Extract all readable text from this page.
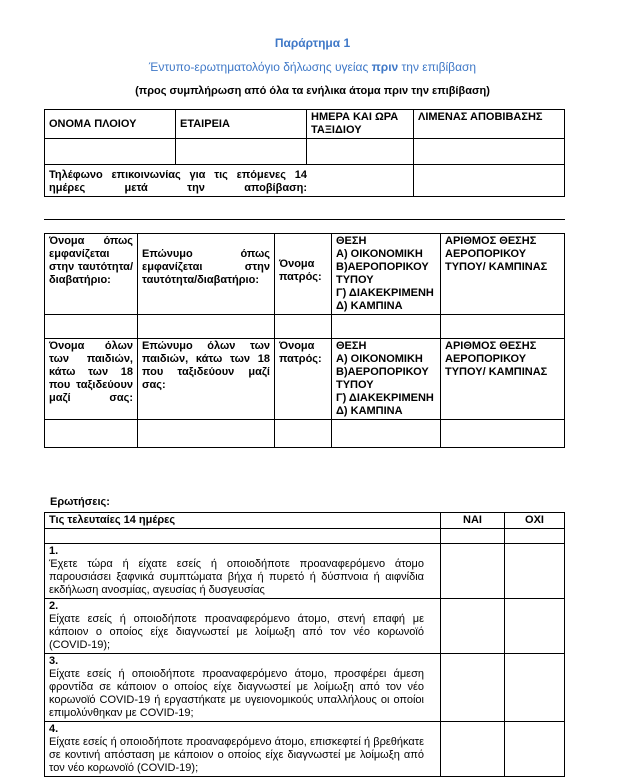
Παράρτημα 1
Έντυπο-ερωτηματολόγιο δήλωσης υγείας πριν την επιβίβαση
(προς συμπλήρωση από όλα τα ενήλικα άτομα πριν την επιβίβαση)
ΟΝΟΜΑ ΠΛΟΙΟΥ	ΕΤΑΙΡΕΙΑ	ΗΜΕΡΑ ΚΑΙ ΩΡΑ ΤΑΞΙΔΙΟΥ	ΛΙΜΕΝΑΣ ΑΠΟΒΙΒΑΣΗΣ

Τηλέφωνο επικοινωνίας για τις επόμενες 14 ημέρες μετά την αποβίβαση:			

Όνομα όπως εμφανίζεται στην ταυτότητα/ διαβατήριο:	Επώνυμο όπως εμφανίζεται στην ταυτότητα/διαβατήριο:	Όνομα πατρός:	ΘΕΣΗ
Α) ΟΙΚΟΝΟΜΙΚΗ
Β)ΑΕΡΟΠΟΡΙΚΟΥ ΤΥΠΟΥ
Γ) ΔΙΑΚΕΚΡΙΜΕΝΗ
Δ) ΚΑΜΠΙΝΑ	ΑΡΙΘΜΟΣ ΘΕΣΗΣ ΑΕΡΟΠΟΡΙΚΟΥ ΤΥΠΟΥ/ ΚΑΜΠΙΝΑΣ

Όνομα όλων των παιδιών, κάτω των 18 που ταξιδεύουν μαζί σας:	Επώνυμο όλων των παιδιών, κάτω των 18 που ταξιδεύουν μαζί σας:	Όνομα πατρός:	ΘΕΣΗ
Α) ΟΙΚΟΝΟΜΙΚΗ
Β)ΑΕΡΟΠΟΡΙΚΟΥ ΤΥΠΟΥ
Γ) ΔΙΑΚΕΚΡΙΜΕΝΗ
Δ) ΚΑΜΠΙΝΑ	ΑΡΙΘΜΟΣ ΘΕΣΗΣ ΑΕΡΟΠΟΡΙΚΟΥ ΤΥΠΟΥ/ ΚΑΜΠΙΝΑΣ

Ερωτήσεις:
Τις τελευταίες 14 ημέρες	ΝΑΙ	ΟΧΙ

1.Έχετε τώρα ή είχατε εσείς ή οποιοδήποτε προαναφερόμενο άτομο παρουσιάσει ξαφνικά συμπτώματα βήχα ή πυρετό ή δύσπνοια ή αιφνίδια εκδήλωση ανοσμίας, αγευσίας ή δυσγευσίας		
2.Είχατε εσείς ή οποιοδήποτε προαναφερόμενο άτομο, στενή επαφή με κάποιον ο οποίος είχε διαγνωστεί με λοίμωξη από τον νέο κορωνοϊό (COVID-19);		
3.Είχατε εσείς ή οποιοδήποτε προαναφερόμενο άτομο, προσφέρει άμεση φροντίδα σε κάποιον ο οποίος είχε διαγνωστεί με λοίμωξη από τον νέο κορωνοϊό COVID-19 ή εργαστήκατε με υγειονομικούς υπαλλήλους οι οποίοι επιμολύνθηκαν με COVID-19;		
4.Είχατε εσείς ή οποιοδήποτε προαναφερόμενο άτομο, επισκεφτεί ή βρεθήκατε σε κοντινή απόσταση με κάποιον ο οποίος είχε διαγνωστεί με λοίμωξη από τον νέο κορωνοϊό (COVID-19);		
